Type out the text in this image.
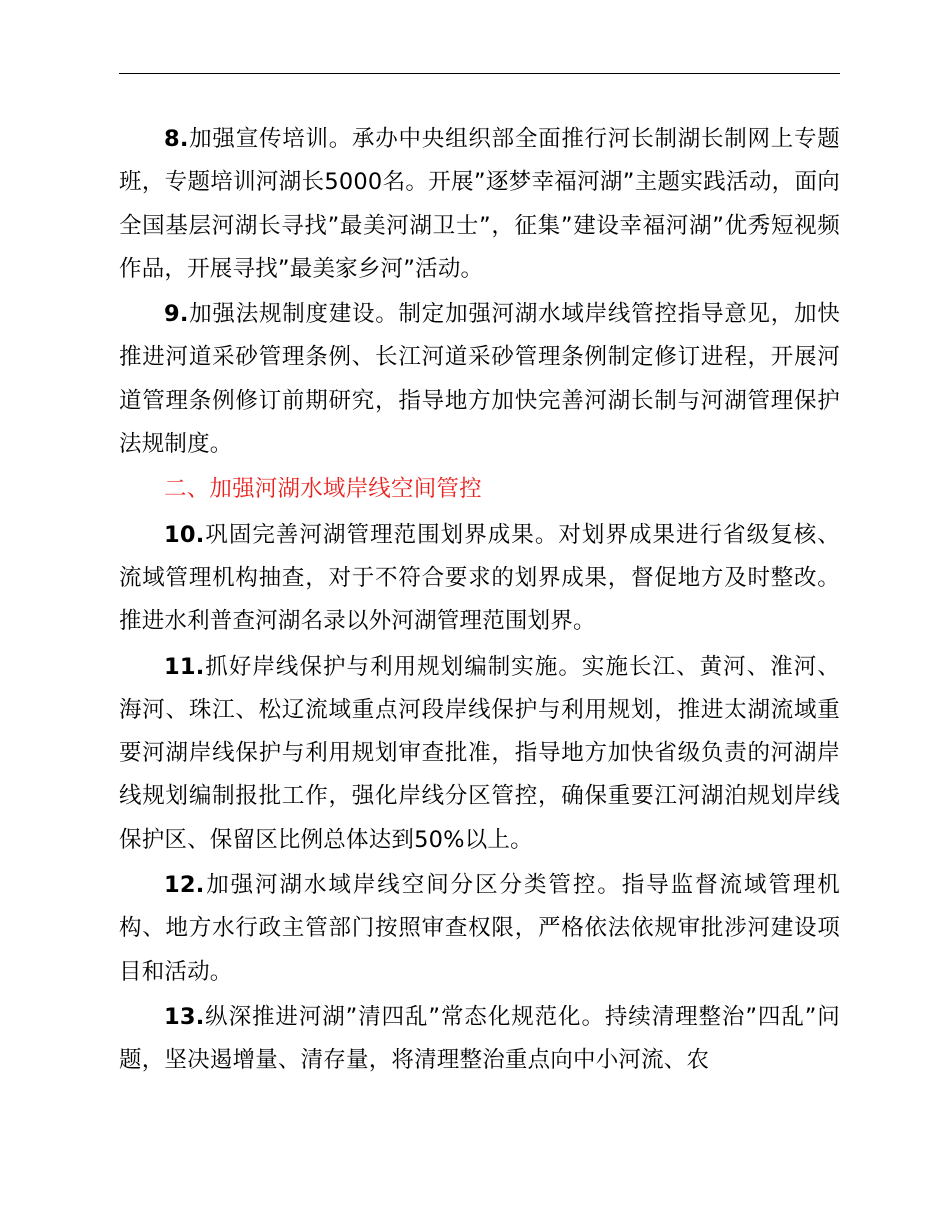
8.加强宣传培训。承办中央组织部全面推行河长制湖长制网上专题班，专题培训河湖长5000名。开展”逐梦幸福河湖”主题实践活动，面向全国基层河湖长寻找”最美河湖卫士”，征集”建设幸福河湖”优秀短视频作品，开展寻找”最美家乡河”活动。

9.加强法规制度建设。制定加强河湖水域岸线管控指导意见，加快推进河道采砂管理条例、长江河道采砂管理条例制定修订进程，开展河道管理条例修订前期研究，指导地方加快完善河湖长制与河湖管理保护法规制度。

二、加强河湖水域岸线空间管控

10.巩固完善河湖管理范围划界成果。对划界成果进行省级复核、流域管理机构抽查，对于不符合要求的划界成果，督促地方及时整改。推进水利普查河湖名录以外河湖管理范围划界。

11.抓好岸线保护与利用规划编制实施。实施长江、黄河、淮河、海河、珠江、松辽流域重点河段岸线保护与利用规划，推进太湖流域重要河湖岸线保护与利用规划审查批准，指导地方加快省级负责的河湖岸线规划编制报批工作，强化岸线分区管控，确保重要江河湖泊规划岸线保护区、保留区比例总体达到50%以上。

12.加强河湖水域岸线空间分区分类管控。指导监督流域管理机构、地方水行政主管部门按照审查权限，严格依法依规审批涉河建设项目和活动。

13.纵深推进河湖”清四乱”常态化规范化。持续清理整治”四乱”问题，坚决遏增量、清存量，将清理整治重点向中小河流、农
